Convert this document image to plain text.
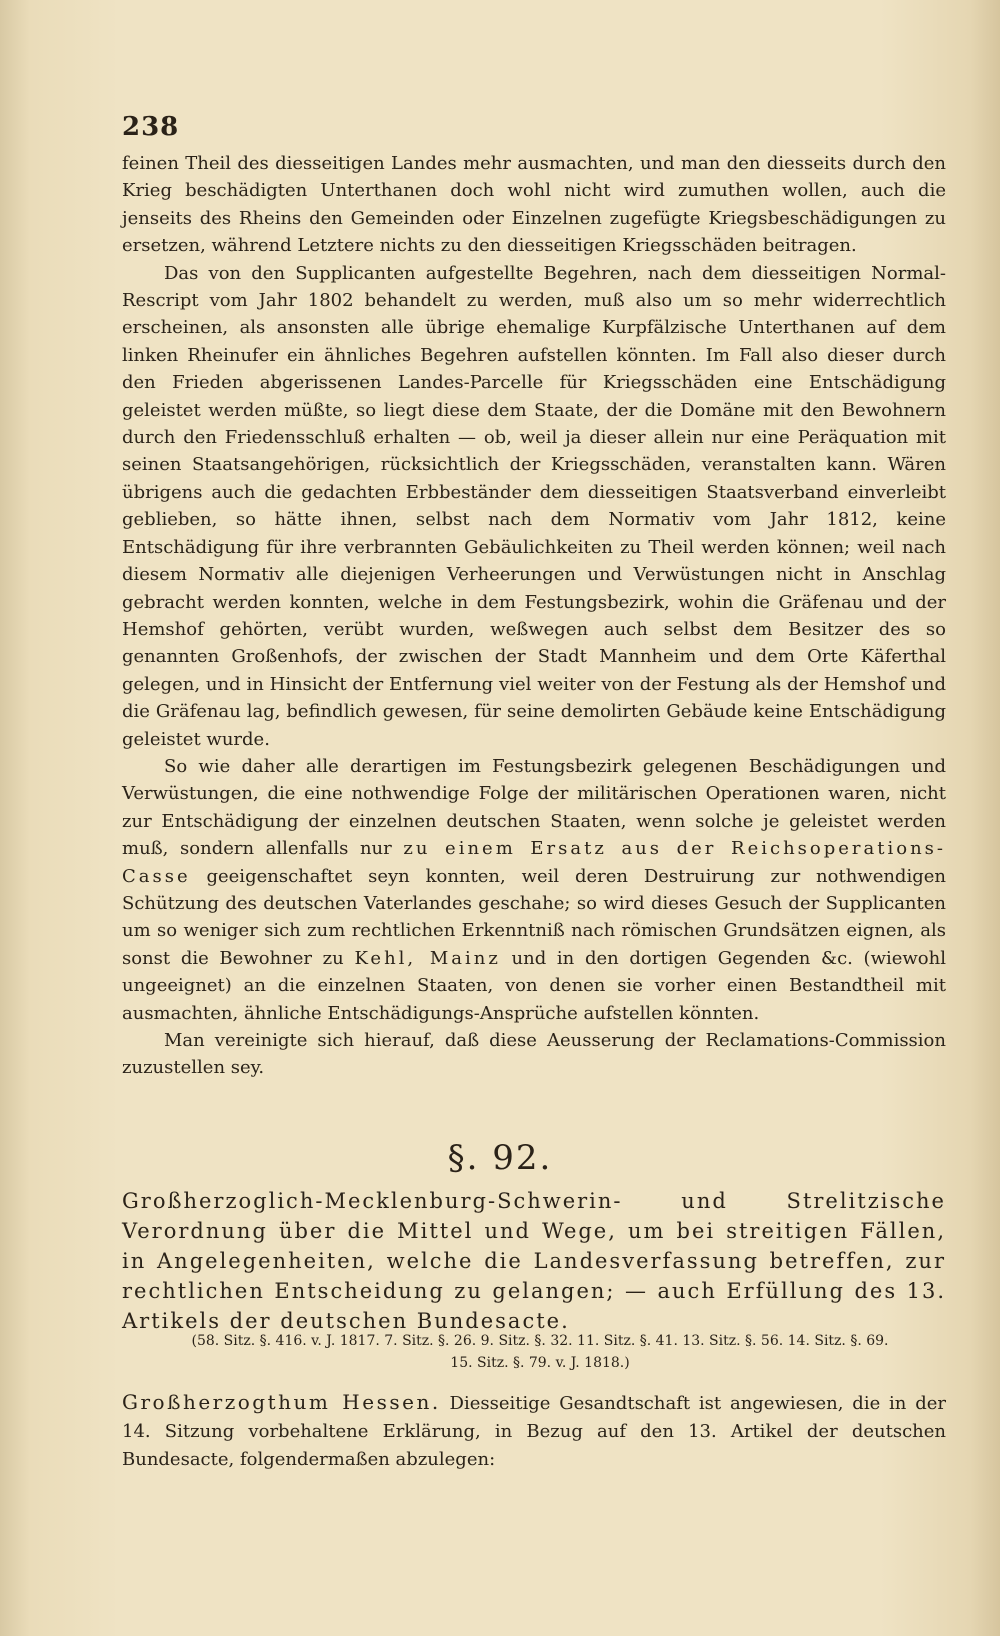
238

feinen Theil des diesseitigen Landes mehr ausmachten, und man den diesseits durch den Krieg beschädigten Unterthanen doch wohl nicht wird zumuthen wollen, auch die jenseits des Rheins den Gemeinden oder Einzelnen zugefügte Kriegsbeschädigungen zu ersetzen, während Letztere nichts zu den diesseitigen Kriegsschäden beitragen.

Das von den Supplicanten aufgestellte Begehren, nach dem diesseitigen Normal-Rescript vom Jahr 1802 behandelt zu werden, muß also um so mehr widerrechtlich erscheinen, als ansonsten alle übrige ehemalige Kurpfälzische Unterthanen auf dem linken Rheinufer ein ähnliches Begehren aufstellen könnten. Im Fall also dieser durch den Frieden abgerissenen Landes-Parcelle für Kriegsschäden eine Entschädigung geleistet werden müßte, so liegt diese dem Staate, der die Domäne mit den Bewohnern durch den Friedensschluß erhalten — ob, weil ja dieser allein nur eine Peräquation mit seinen Staatsangehörigen, rücksichtlich der Kriegsschäden, veranstalten kann. Wären übrigens auch die gedachten Erbbeständer dem diesseitigen Staatsverband einverleibt geblieben, so hätte ihnen, selbst nach dem Normativ vom Jahr 1812, keine Entschädigung für ihre verbrannten Gebäulichkeiten zu Theil werden können; weil nach diesem Normativ alle diejenigen Verheerungen und Verwüstungen nicht in Anschlag gebracht werden konnten, welche in dem Festungsbezirk, wohin die Gräfenau und der Hemshof gehörten, verübt wurden, weßwegen auch selbst dem Besitzer des so genannten Großenhofs, der zwischen der Stadt Mannheim und dem Orte Käferthal gelegen, und in Hinsicht der Entfernung viel weiter von der Festung als der Hemshof und die Gräfenau lag, befindlich gewesen, für seine demolirten Gebäude keine Entschädigung geleistet wurde.

So wie daher alle derartigen im Festungsbezirk gelegenen Beschädigungen und Verwüstungen, die eine nothwendige Folge der militärischen Operationen waren, nicht zur Entschädigung der einzelnen deutschen Staaten, wenn solche je geleistet werden muß, sondern allenfalls nur zu einem Ersatz aus der Reichsoperations-Casse geeigenschaftet seyn konnten, weil deren Destruirung zur nothwendigen Schützung des deutschen Vaterlandes geschahe; so wird dieses Gesuch der Supplicanten um so weniger sich zum rechtlichen Erkenntniß nach römischen Grundsätzen eignen, als sonst die Bewohner zu Kehl, Mainz und in den dortigen Gegenden &c. (wiewohl ungeeignet) an die einzelnen Staaten, von denen sie vorher einen Bestandtheil mit ausmachten, ähnliche Entschädigungs-Ansprüche aufstellen könnten.

Man vereinigte sich hierauf, daß diese Aeusserung der Reclamations-Commission zuzustellen sey.

§. 92.
Großherzoglich-Mecklenburg-Schwerin- und Strelitzische Verordnung über die Mittel und Wege, um bei streitigen Fällen, in Angelegenheiten, welche die Landesverfassung betreffen, zur rechtlichen Entscheidung zu gelangen; — auch Erfüllung des 13. Artikels der deutschen Bundesacte.
(58. Sitz. §. 416. v. J. 1817. 7. Sitz. §. 26. 9. Sitz. §. 32. 11. Sitz. §. 41. 13. Sitz. §. 56. 14. Sitz. §. 69.
15. Sitz. §. 79. v. J. 1818.)
Großherzogthum Hessen. Diesseitige Gesandtschaft ist angewiesen, die in der 14. Sitzung vorbehaltene Erklärung, in Bezug auf den 13. Artikel der deutschen Bundesacte, folgendermaßen abzulegen:
